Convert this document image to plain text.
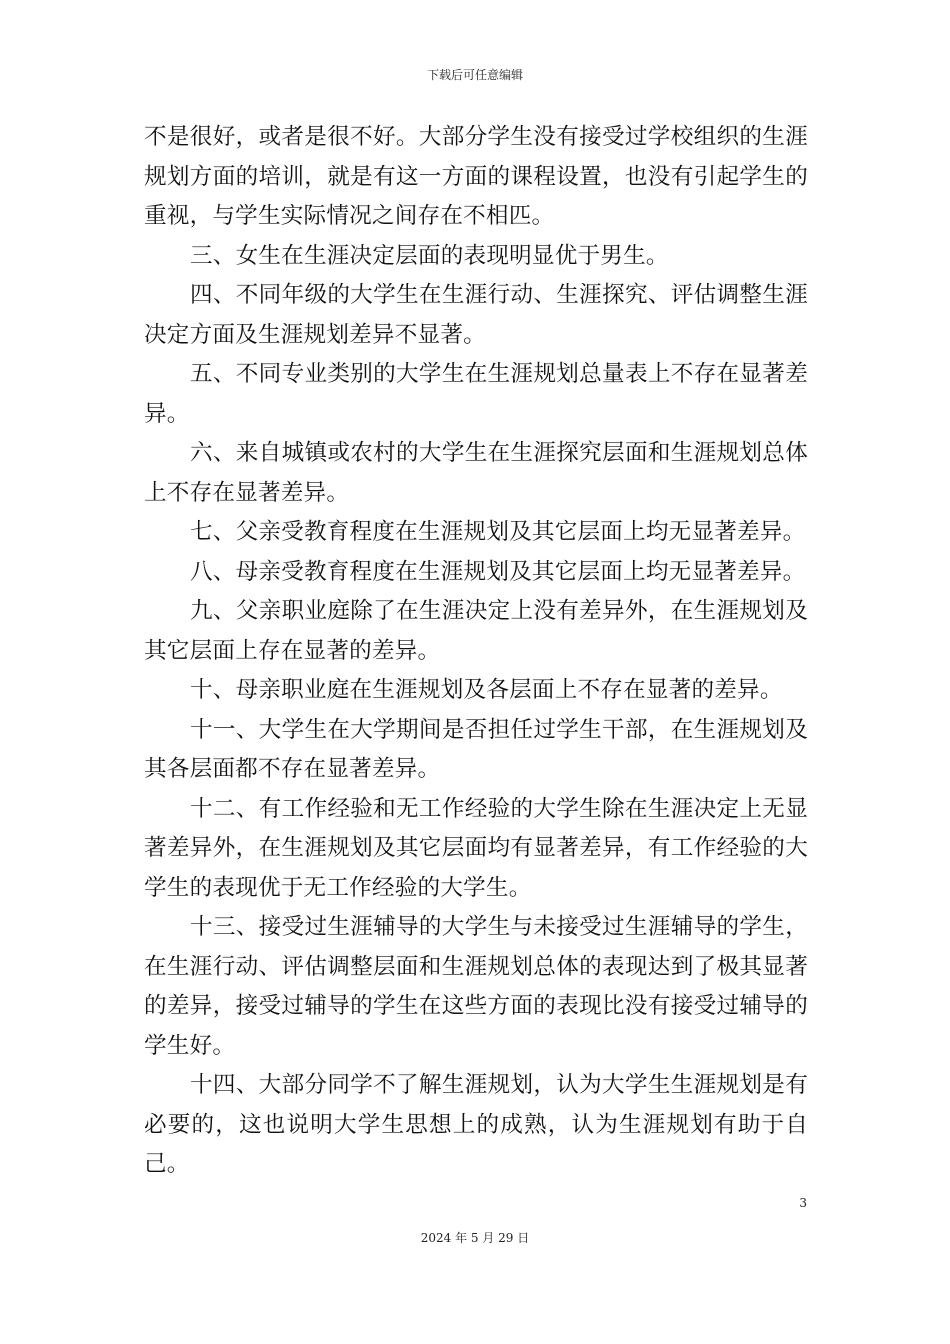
下载后可任意编辑

不是很好，或者是很不好。大部分学生没有接受过学校组织的生涯规划方面的培训，就是有这一方面的课程设置，也没有引起学生的重视，与学生实际情况之间存在不相匹。

三、女生在生涯决定层面的表现明显优于男生。

四、不同年级的大学生在生涯行动、生涯探究、评估调整生涯决定方面及生涯规划差异不显著。

五、不同专业类别的大学生在生涯规划总量表上不存在显著差异。

六、来自城镇或农村的大学生在生涯探究层面和生涯规划总体上不存在显著差异。

七、父亲受教育程度在生涯规划及其它层面上均无显著差异。

八、母亲受教育程度在生涯规划及其它层面上均无显著差异。

九、父亲职业庭除了在生涯决定上没有差异外，在生涯规划及其它层面上存在显著的差异。

十、母亲职业庭在生涯规划及各层面上不存在显著的差异。

十一、大学生在大学期间是否担任过学生干部，在生涯规划及其各层面都不存在显著差异。

十二、有工作经验和无工作经验的大学生除在生涯决定上无显著差异外，在生涯规划及其它层面均有显著差异，有工作经验的大学生的表现优于无工作经验的大学生。

十三、接受过生涯辅导的大学生与未接受过生涯辅导的学生，在生涯行动、评估调整层面和生涯规划总体的表现达到了极其显著的差异，接受过辅导的学生在这些方面的表现比没有接受过辅导的学生好。

十四、大部分同学不了解生涯规划，认为大学生生涯规划是有必要的，这也说明大学生思想上的成熟，认为生涯规划有助于自己。

3
2024 年 5 月 29 日
